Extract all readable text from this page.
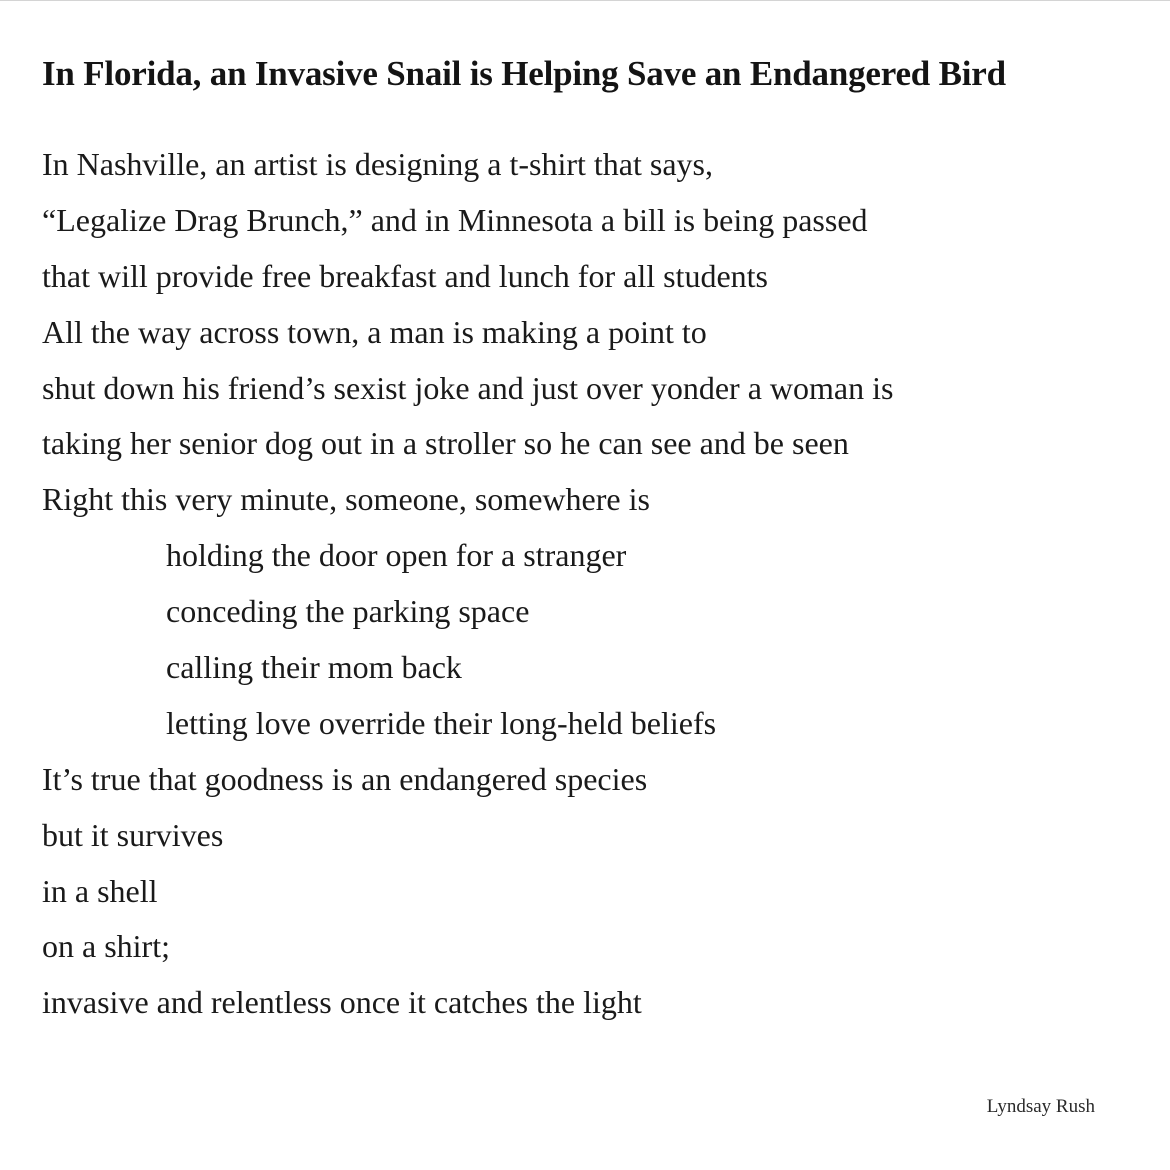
In Florida, an Invasive Snail is Helping Save an Endangered Bird
In Nashville, an artist is designing a t-shirt that says,
“Legalize Drag Brunch,” and in Minnesota a bill is being passed
that will provide free breakfast and lunch for all students
All the way across town, a man is making a point to
shut down his friend’s sexist joke and just over yonder a woman is
taking her senior dog out in a stroller so he can see and be seen
Right this very minute, someone, somewhere is
holding the door open for a stranger
conceding the parking space
calling their mom back
letting love override their long-held beliefs
It’s true that goodness is an endangered species
but it survives
in a shell
on a shirt;
invasive and relentless once it catches the light
Lyndsay Rush
